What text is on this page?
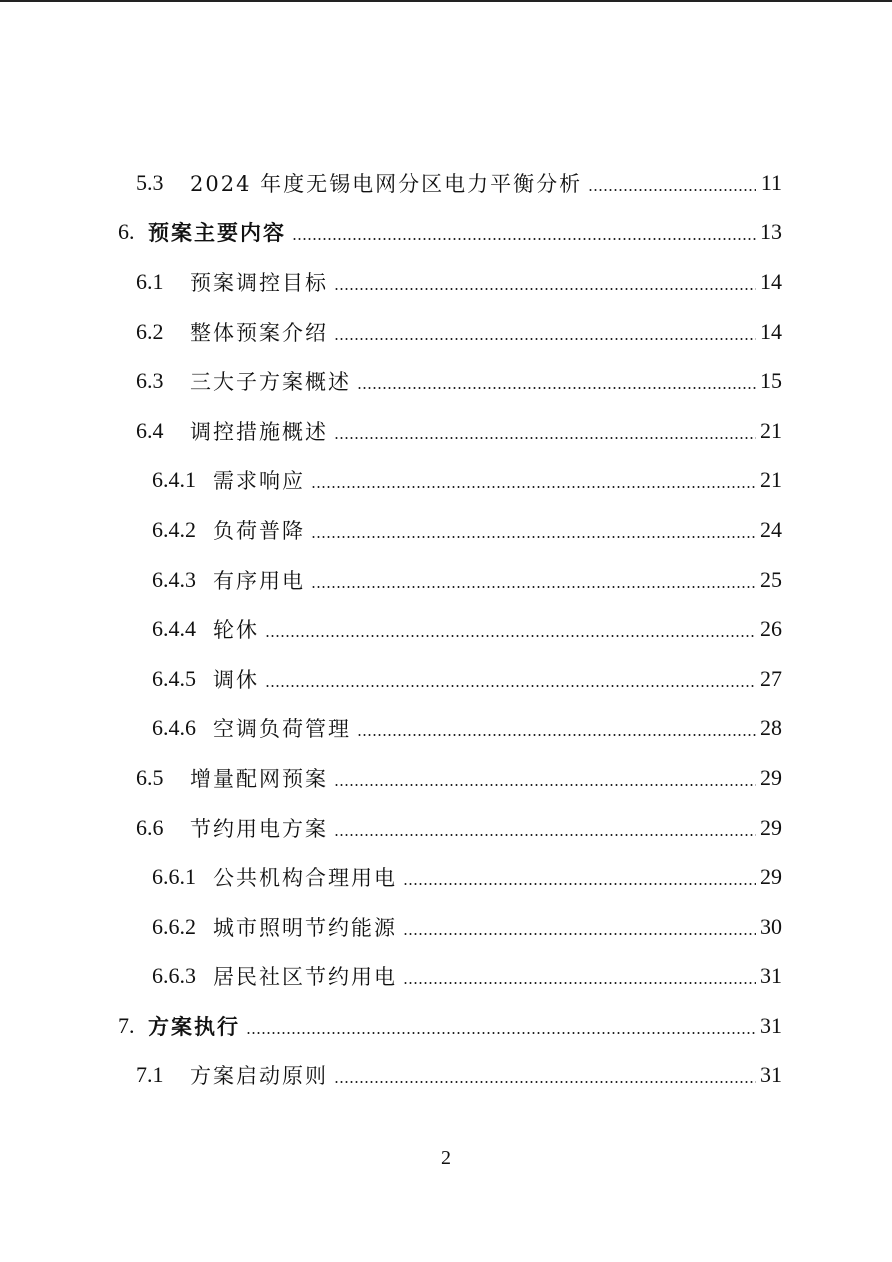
5.3	2024 年度无锡电网分区电力平衡分析	11
6. 预案主要内容	13
6.1	预案调控目标	14
6.2	整体预案介绍	14
6.3	三大子方案概述	15
6.4	调控措施概述	21
6.4.1 需求响应	21
6.4.2 负荷普降	24
6.4.3 有序用电	25
6.4.4 轮休	26
6.4.5 调休	27
6.4.6 空调负荷管理	28
6.5	增量配网预案	29
6.6	节约用电方案	29
6.6.1 公共机构合理用电	29
6.6.2 城市照明节约能源	30
6.6.3 居民社区节约用电	31
7. 方案执行	31
7.1	方案启动原则	31
2
